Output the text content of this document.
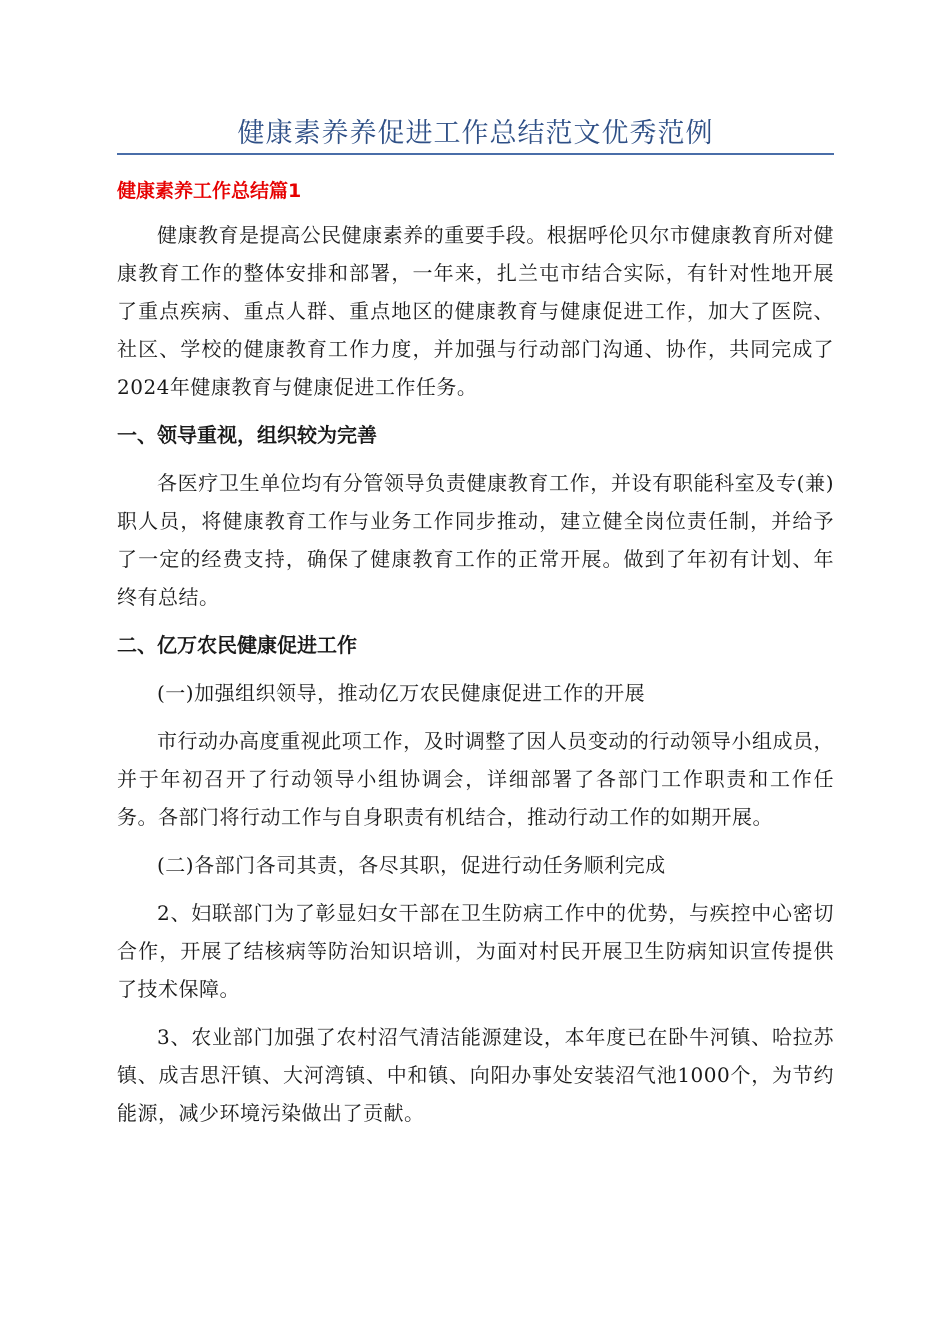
健康素养养促进工作总结范文优秀范例

健康素养工作总结篇1

健康教育是提高公民健康素养的重要手段。根据呼伦贝尔市健康教育所对健康教育工作的整体安排和部署，一年来，扎兰屯市结合实际，有针对性地开展了重点疾病、重点人群、重点地区的健康教育与健康促进工作，加大了医院、社区、学校的健康教育工作力度，并加强与行动部门沟通、协作，共同完成了2024年健康教育与健康促进工作任务。

一、领导重视，组织较为完善

各医疗卫生单位均有分管领导负责健康教育工作，并设有职能科室及专(兼)职人员，将健康教育工作与业务工作同步推动，建立健全岗位责任制，并给予了一定的经费支持，确保了健康教育工作的正常开展。做到了年初有计划、年终有总结。

二、亿万农民健康促进工作

(一)加强组织领导，推动亿万农民健康促进工作的开展

市行动办高度重视此项工作，及时调整了因人员变动的行动领导小组成员，并于年初召开了行动领导小组协调会，详细部署了各部门工作职责和工作任务。各部门将行动工作与自身职责有机结合，推动行动工作的如期开展。

(二)各部门各司其责，各尽其职，促进行动任务顺利完成

2、妇联部门为了彰显妇女干部在卫生防病工作中的优势，与疾控中心密切合作，开展了结核病等防治知识培训，为面对村民开展卫生防病知识宣传提供了技术保障。

3、农业部门加强了农村沼气清洁能源建设，本年度已在卧牛河镇、哈拉苏镇、成吉思汗镇、大河湾镇、中和镇、向阳办事处安装沼气池1000个，为节约能源，减少环境污染做出了贡献。
